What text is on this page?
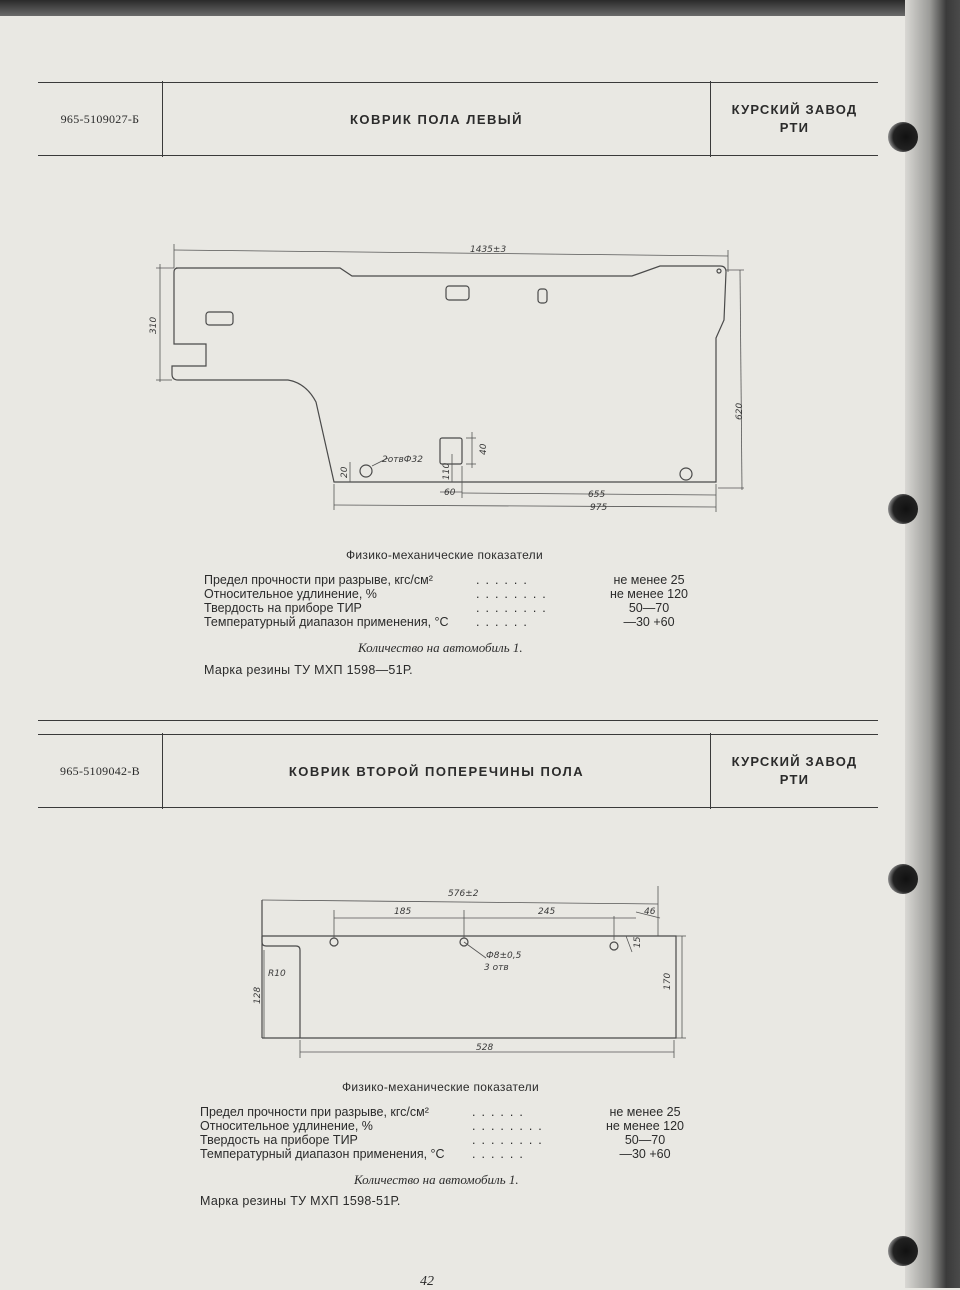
965-5109027-Б	КОВРИК ПОЛА ЛЕВЫЙ
КУРСКИЙ ЗАВОД
РТИ
1435±3
310
620
2отвФ32
20	110
40
60	655
975
576±2
185	245	46
15
Ф8±0,5
3 отв
R10
128
170
528
Физико-механические показатели
Предел прочности при разрыве, кгс/см²	......	не менее 25
Относительное удлинение, %	........	не менее 120
Твердость на приборе ТИР	........	50—70
Температурный диапазон применения, °С ......	—30 +60
Количество на автомобиль 1.
Марка резины ТУ МХП 1598—51Р.
965-5109042-В	КОВРИК ВТОРОЙ ПОПЕРЕЧИНЫ ПОЛА
КУРСКИЙ ЗАВОД
РТИ
Физико-механические показатели
Предел прочности при разрыве, кгс/см²	......	не менее 25
Относительное удлинение, %	........	не менее 120
Твердость на приборе ТИР	........	50—70
Температурный диапазон применения, °С ......	—30 +60
Количество на автомобиль 1.
Марка резины ТУ МХП 1598-51Р.
42
